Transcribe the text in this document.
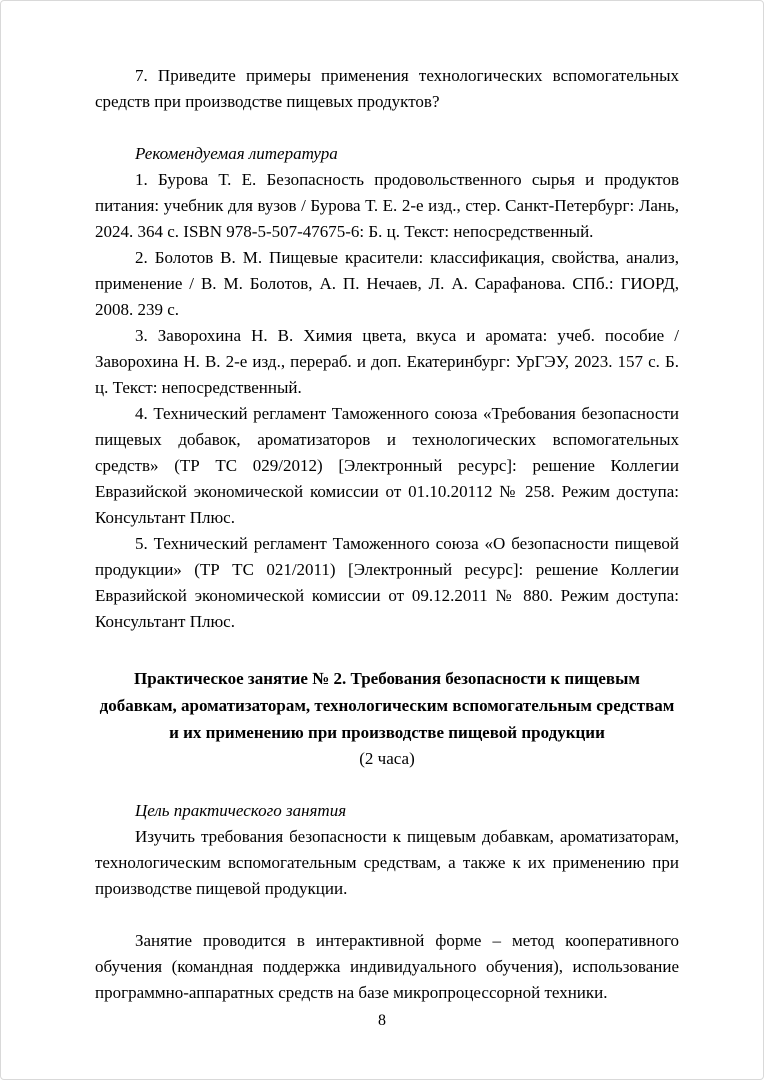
7. Приведите примеры применения технологических вспомогательных средств при производстве пищевых продуктов?

Рекомендуемая литература

1. Бурова Т. Е. Безопасность продовольственного сырья и продуктов питания: учебник для вузов / Бурова Т. Е. 2-е изд., стер. Санкт-Петербург: Лань, 2024. 364 с. ISBN 978-5-507-47675-6: Б. ц. Текст: непосредственный.

2. Болотов В. М. Пищевые красители: классификация, свойства, анализ, применение / В. М. Болотов, А. П. Нечаев, Л. А. Сарафанова. СПб.: ГИОРД, 2008. 239 с.

3. Заворохина Н. В. Химия цвета, вкуса и аромата: учеб. пособие / Заворохина Н. В. 2-е изд., перераб. и доп. Екатеринбург: УрГЭУ, 2023. 157 с. Б. ц. Текст: непосредственный.

4. Технический регламент Таможенного союза «Требования безопасности пищевых добавок, ароматизаторов и технологических вспомогательных средств» (ТР ТС 029/2012) [Электронный ресурс]: решение Коллегии Евразийской экономической комиссии от 01.10.20112 № 258. Режим доступа: Консультант Плюс.

5. Технический регламент Таможенного союза «О безопасности пищевой продукции» (ТР ТС 021/2011) [Электронный ресурс]: решение Коллегии Евразийской экономической комиссии от 09.12.2011 № 880. Режим доступа: Консультант Плюс.

Практическое занятие № 2. Требования безопасности к пищевым добавкам, ароматизаторам, технологическим вспомогательным средствам и их применению при производстве пищевой продукции

(2 часа)

Цель практического занятия

Изучить требования безопасности к пищевым добавкам, ароматизаторам, технологическим вспомогательным средствам, а также к их применению при производстве пищевой продукции.

Занятие проводится в интерактивной форме – метод кооперативного обучения (командная поддержка индивидуального обучения), использование программно-аппаратных средств на базе микропроцессорной техники.

8
